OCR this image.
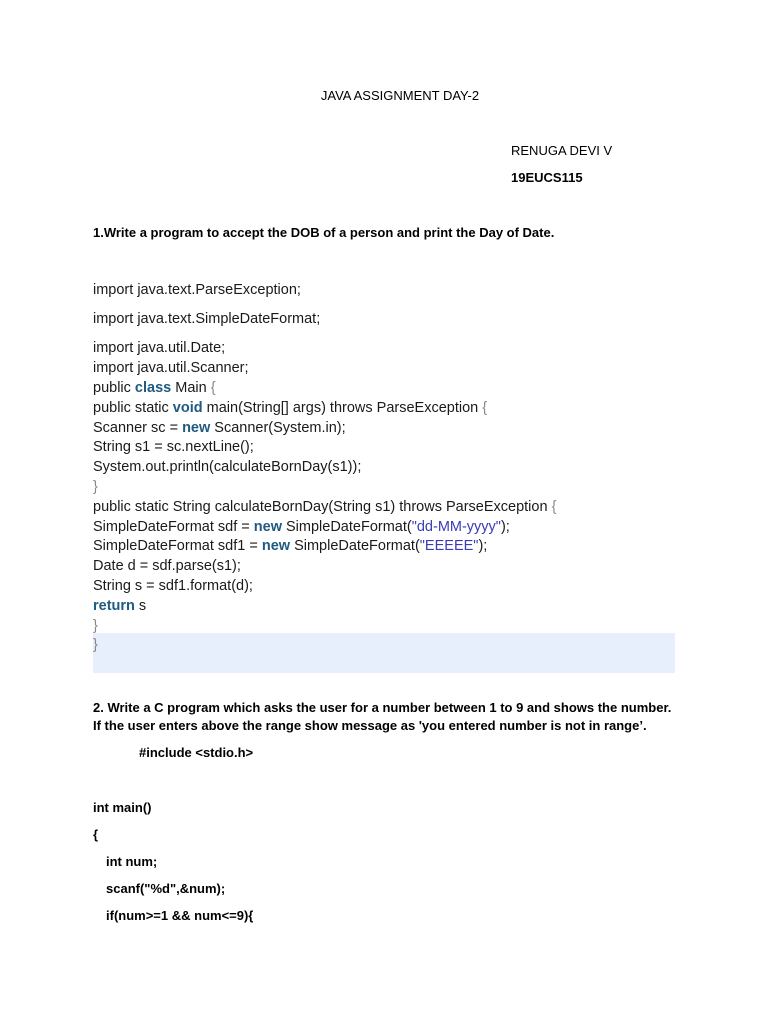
JAVA ASSIGNMENT DAY-2
RENUGA DEVI V
19EUCS115
1.Write a program to accept the DOB of a person and print the Day of Date.
import java.text.ParseException;
import java.text.SimpleDateFormat;
import java.util.Date;
import java.util.Scanner;
public class Main {
public static void main(String[] args) throws ParseException {
Scanner sc = new Scanner(System.in);
String s1 = sc.nextLine();
System.out.println(calculateBornDay(s1));
}
public static String calculateBornDay(String s1) throws ParseException {
SimpleDateFormat sdf = new SimpleDateFormat("dd-MM-yyyy");
SimpleDateFormat sdf1 = new SimpleDateFormat("EEEEE");
Date d = sdf.parse(s1);
String s = sdf1.format(d);
return s
}
}
2. Write a C program which asks the user for a number between 1 to 9 and shows the number. If the user enters above the range show message as 'you entered number is not in range’.
#include <stdio.h>
int main()
{
int num;
scanf("%d",&num);
if(num>=1 && num<=9){
